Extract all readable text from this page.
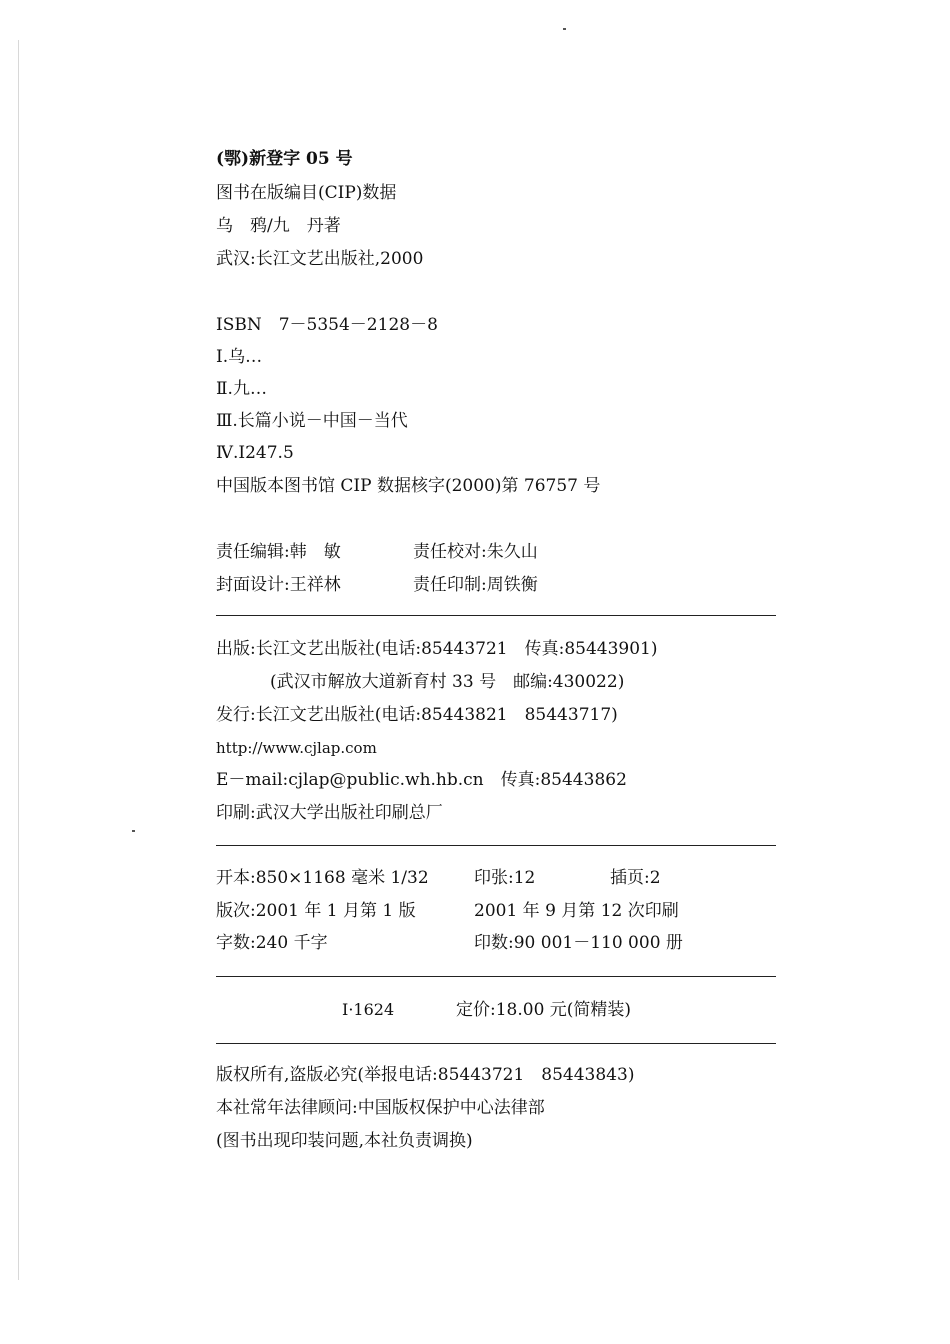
(鄂)新登字 05 号
图书在版编目(CIP)数据
乌　鸦/九　丹著
武汉:长江文艺出版社,2000
ISBN　7－5354－2128－8
Ⅰ.乌…
Ⅱ.九…
Ⅲ.长篇小说－中国－当代
Ⅳ.Ⅰ247.5
中国版本图书馆 CIP 数据核字(2000)第 76757 号
责任编辑:韩　敏	责任校对:朱久山
封面设计:王祥林	责任印制:周铁衡
出版:长江文艺出版社(电话:85443721　传真:85443901)
(武汉市解放大道新育村 33 号　邮编:430022)
发行:长江文艺出版社(电话:85443821　85443717)
http://www.cjlap.com
E－mail:cjlap@public.wh.hb.cn　传真:85443862
印刷:武汉大学出版社印刷总厂
开本:850×1168 毫米 1/32	印张:12	插页:2
版次:2001 年 1 月第 1 版	2001 年 9 月第 12 次印刷
字数:240 千字	印数:90 001－110 000 册
I·1624	定价:18.00 元(简精装)
版权所有,盗版必究(举报电话:85443721　85443843)
本社常年法律顾问:中国版权保护中心法律部
(图书出现印装问题,本社负责调换)
